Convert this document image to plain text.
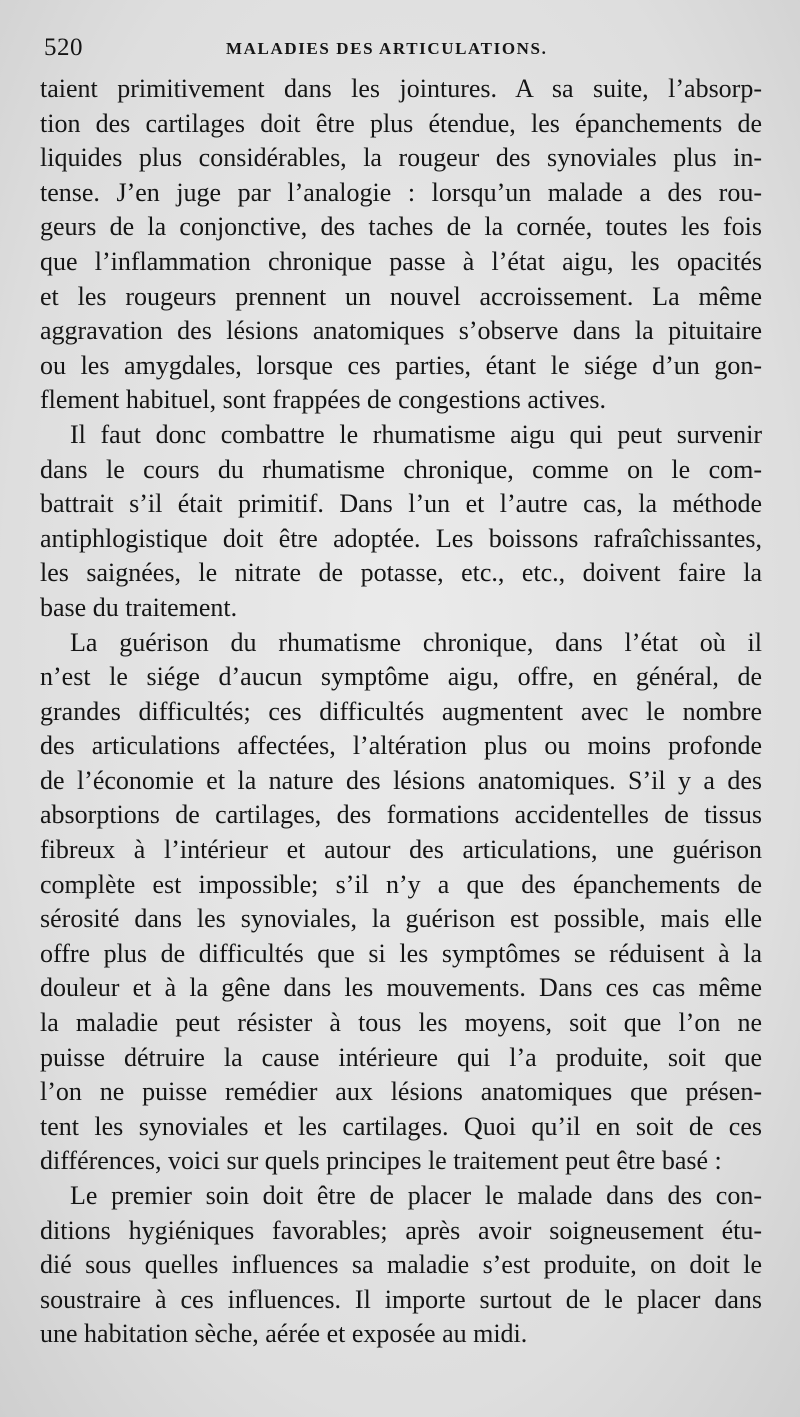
520	MALADIES DES ARTICULATIONS.
taient primitivement dans les jointures. A sa suite, l’absorp-
tion des cartilages doit être plus étendue, les épanchements de
liquides plus considérables, la rougeur des synoviales plus in-
tense. J’en juge par l’analogie : lorsqu’un malade a des rou-
geurs de la conjonctive, des taches de la cornée, toutes les fois
que l’inflammation chronique passe à l’état aigu, les opacités
et les rougeurs prennent un nouvel accroissement. La même
aggravation des lésions anatomiques s’observe dans la pituitaire
ou les amygdales, lorsque ces parties, étant le siége d’un gon-
flement habituel, sont frappées de congestions actives.
Il faut donc combattre le rhumatisme aigu qui peut survenir
dans le cours du rhumatisme chronique, comme on le com-
battrait s’il était primitif. Dans l’un et l’autre cas, la méthode
antiphlogistique doit être adoptée. Les boissons rafraîchissantes,
les saignées, le nitrate de potasse, etc., etc., doivent faire la
base du traitement.
La guérison du rhumatisme chronique, dans l’état où il
n’est le siége d’aucun symptôme aigu, offre, en général, de
grandes difficultés; ces difficultés augmentent avec le nombre
des articulations affectées, l’altération plus ou moins profonde
de l’économie et la nature des lésions anatomiques. S’il y a des
absorptions de cartilages, des formations accidentelles de tissus
fibreux à l’intérieur et autour des articulations, une guérison
complète est impossible; s’il n’y a que des épanchements de
sérosité dans les synoviales, la guérison est possible, mais elle
offre plus de difficultés que si les symptômes se réduisent à la
douleur et à la gêne dans les mouvements. Dans ces cas même
la maladie peut résister à tous les moyens, soit que l’on ne
puisse détruire la cause intérieure qui l’a produite, soit que
l’on ne puisse remédier aux lésions anatomiques que présen-
tent les synoviales et les cartilages. Quoi qu’il en soit de ces
différences, voici sur quels principes le traitement peut être basé :
Le premier soin doit être de placer le malade dans des con-
ditions hygiéniques favorables; après avoir soigneusement étu-
dié sous quelles influences sa maladie s’est produite, on doit le
soustraire à ces influences. Il importe surtout de le placer dans
une habitation sèche, aérée et exposée au midi.
